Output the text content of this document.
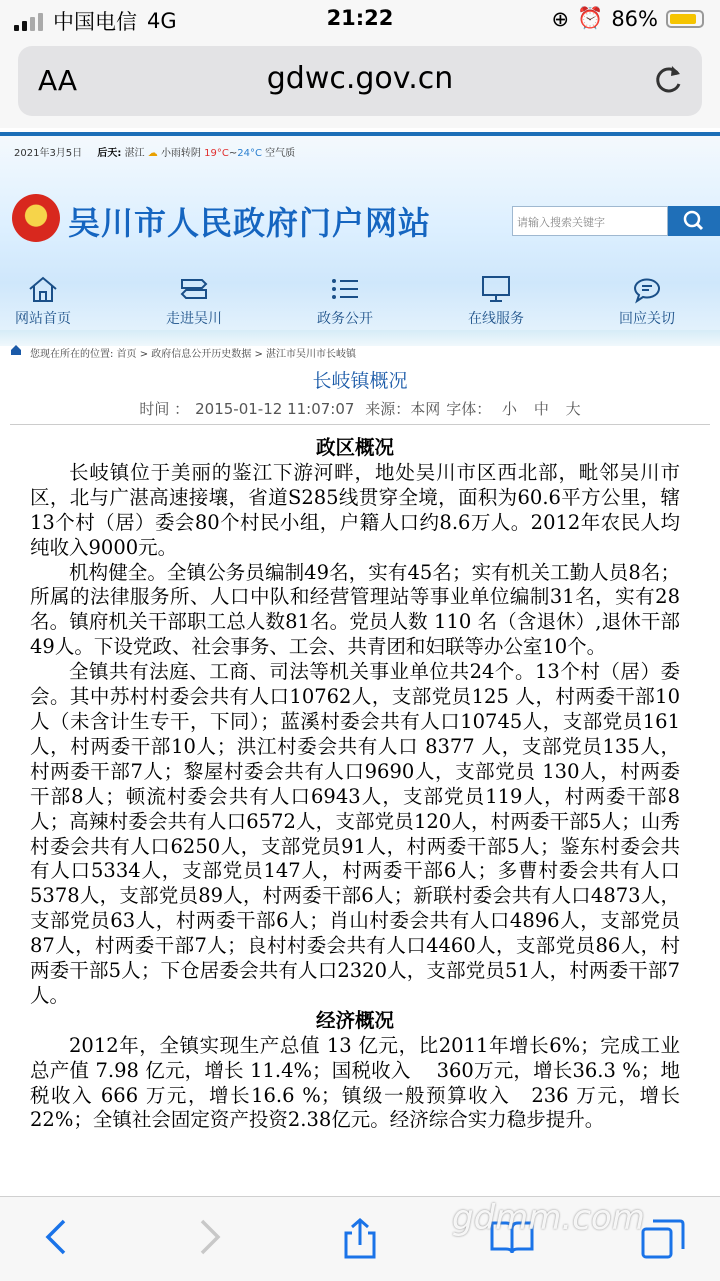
中国电信 4G	21:22	⊕ ⏰ 86%
AA	gdwc.gov.cn
2021年3月5日 后天: 湛江 ☁ 小雨转阴 19°C~24°C 空气质
吴川市人民政府门户网站	请输入搜索关键字
网站首页	走进吴川	政务公开	在线服务	回应关切
您现在所在的位置: 首页 > 政府信息公开历史数据 > 湛江市吴川市长岐镇
长岐镇概况
时间 ： 2015-01-12 11:07:07 来源：本网 字体： 小 中 大
政区概况

长岐镇位于美丽的鉴江下游河畔，地处吴川市区西北部，毗邻吴川市区，北与广湛高速接壤，省道S285线贯穿全境，面积为60.6平方公里，辖13个村（居）委会80个村民小组，户籍人口约8.6万人。2012年农民人均纯收入9000元。

机构健全。全镇公务员编制49名，实有45名；实有机关工勤人员8名；所属的法律服务所、人口中队和经营管理站等事业单位编制31名，实有28名。镇府机关干部职工总人数81名。党员人数 110 名（含退休）,退休干部49人。下设党政、社会事务、工会、共青团和妇联等办公室10个。

全镇共有法庭、工商、司法等机关事业单位共24个。13个村（居）委会。其中苏村村委会共有人口10762人，支部党员125 人，村两委干部10人（未含计生专干，下同）；蓝溪村委会共有人口10745人，支部党员161人，村两委干部10人；洪江村委会共有人口 8377 人，支部党员135人，村两委干部7人；黎屋村委会共有人口9690人，支部党员 130人，村两委干部8人；顿流村委会共有人口6943人，支部党员119人，村两委干部8人；高辣村委会共有人口6572人，支部党员120人，村两委干部5人；山秀村委会共有人口6250人，支部党员91人，村两委干部5人；鉴东村委会共有人口5334人，支部党员147人，村两委干部6人；多曹村委会共有人口5378人，支部党员89人，村两委干部6人；新联村委会共有人口4873人，支部党员63人，村两委干部6人；肖山村委会共有人口4896人，支部党员87人，村两委干部7人；良村村委会共有人口4460人，支部党员86人，村两委干部5人；下仓居委会共有人口2320人，支部党员51人，村两委干部7人。

经济概况

2012年，全镇实现生产总值 13 亿元，比2011年增长6%；完成工业总产值 7.98 亿元，增长 11.4%；国税收入　 360万元，增长36.3 %；地税收入 666 万元，增长16.6 %；镇级一般预算收入　236 万元，增长22%；全镇社会固定资产投资2.38亿元。经济综合实力稳步提升。

gdmm.com
